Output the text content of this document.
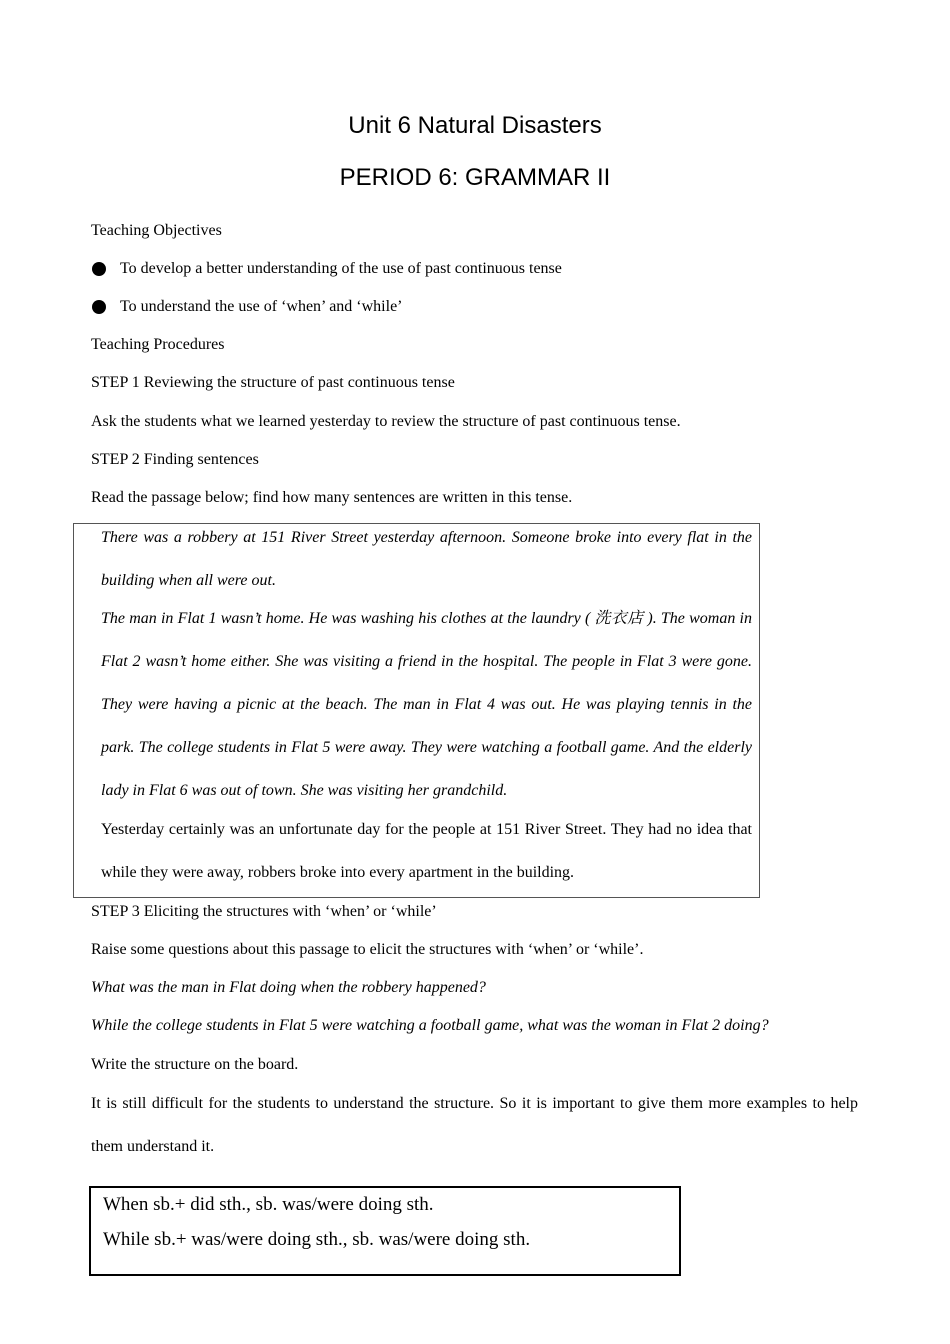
Unit 6 Natural Disasters
PERIOD 6: GRAMMAR II
Teaching Objectives
To develop a better understanding of the use of past continuous tense
To understand the use of ‘when’ and ‘while’
Teaching Procedures
STEP 1 Reviewing the structure of past continuous tense
Ask the students what we learned yesterday to review the structure of past continuous tense.
STEP 2 Finding sentences
Read the passage below; find how many sentences are written in this tense.

There was a robbery at 151 River Street yesterday afternoon. Someone broke into every flat in the building when all were out.

The man in Flat 1 wasn’t home. He was washing his clothes at the laundry ( 洗衣店 ). The woman in Flat 2 wasn’t home either. She was visiting a friend in the hospital. The people in Flat 3 were gone. They were having a picnic at the beach. The man in Flat 4 was out. He was playing tennis in the park. The college students in Flat 5 were away. They were watching a football game. And the elderly lady in Flat 6 was out of town. She was visiting her grandchild.

Yesterday certainly was an unfortunate day for the people at 151 River Street. They had no idea that while they were away, robbers broke into every apartment in the building.

STEP 3 Eliciting the structures with ‘when’ or ‘while’
Raise some questions about this passage to elicit the structures with ‘when’ or ‘while’.
What was the man in Flat doing when the robbery happened?
While the college students in Flat 5 were watching a football game, what was the woman in Flat 2 doing?
Write the structure on the board.

It is still difficult for the students to understand the structure. So it is important to give them more examples to help them understand it.

When sb.+ did sth., sb. was/were doing sth.
While sb.+ was/were doing sth., sb. was/were doing sth.
